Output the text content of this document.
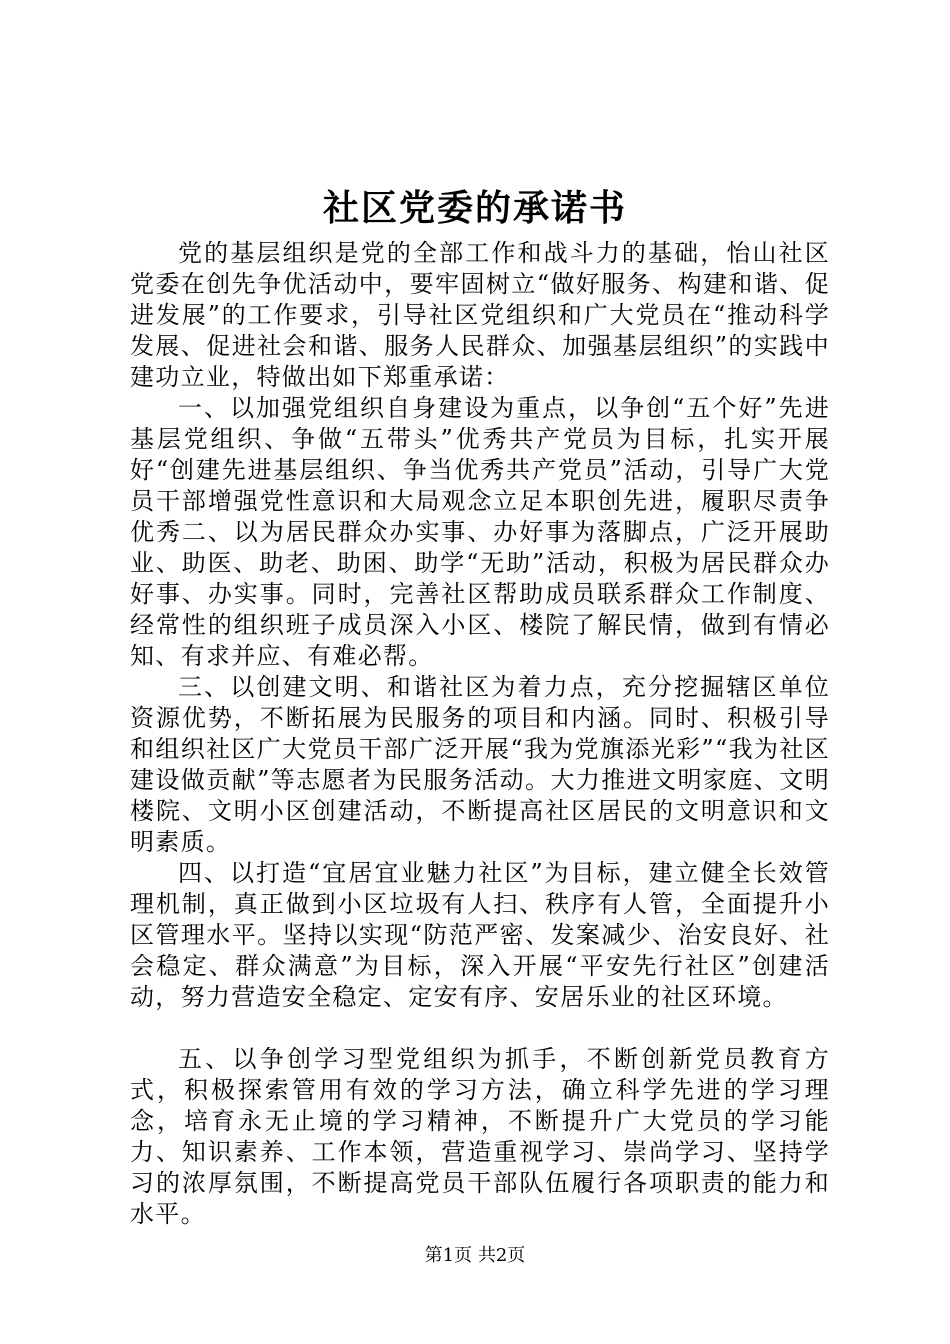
社区党委的承诺书

党的基层组织是党的全部工作和战斗力的基础，怡山社区党委在创先争优活动中，要牢固树立“做好服务、构建和谐、促进发展”的工作要求，引导社区党组织和广大党员在“推动科学发展、促进社会和谐、服务人民群众、加强基层组织”的实践中建功立业，特做出如下郑重承诺：

一、以加强党组织自身建设为重点，以争创“五个好”先进基层党组织、争做“五带头”优秀共产党员为目标，扎实开展好“创建先进基层组织、争当优秀共产党员”活动，引导广大党员干部增强党性意识和大局观念立足本职创先进，履职尽责争优秀二、以为居民群众办实事、办好事为落脚点，广泛开展助业、助医、助老、助困、助学“无助”活动，积极为居民群众办好事、办实事。同时，完善社区帮助成员联系群众工作制度、经常性的组织班子成员深入小区、楼院了解民情，做到有情必知、有求并应、有难必帮。

三、以创建文明、和谐社区为着力点，充分挖掘辖区单位资源优势，不断拓展为民服务的项目和内涵。同时、积极引导和组织社区广大党员干部广泛开展“我为党旗添光彩”“我为社区建设做贡献”等志愿者为民服务活动。大力推进文明家庭、文明楼院、文明小区创建活动，不断提高社区居民的文明意识和文明素质。

四、以打造“宜居宜业魅力社区”为目标，建立健全长效管理机制，真正做到小区垃圾有人扫、秩序有人管，全面提升小区管理水平。坚持以实现“防范严密、发案减少、治安良好、社会稳定、群众满意”为目标，深入开展“平安先行社区”创建活动，努力营造安全稳定、定安有序、安居乐业的社区环境。

五、以争创学习型党组织为抓手，不断创新党员教育方式，积极探索管用有效的学习方法，确立科学先进的学习理念，培育永无止境的学习精神，不断提升广大党员的学习能力、知识素养、工作本领，营造重视学习、崇尚学习、坚持学习的浓厚氛围，不断提高党员干部队伍履行各项职责的能力和水平。

第1页 共2页
